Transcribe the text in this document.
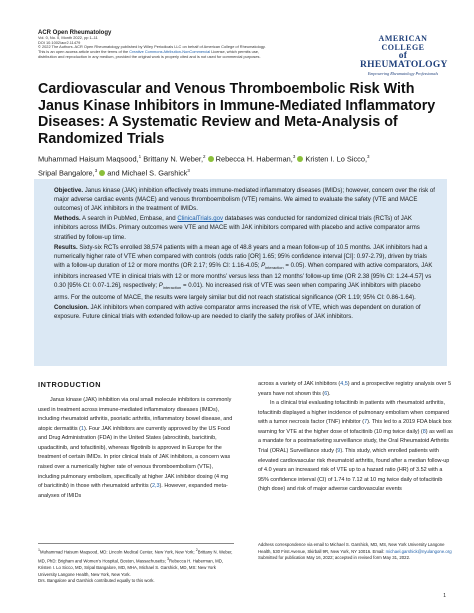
ACR Open Rheumatology
Vol. 0, No. 0, Month 2022, pp 1–11
DOI 10.1002/acr2.11479
© 2022 The Authors. ACR Open Rheumatology published by Wiley Periodicals LLC on behalf of American College of Rheumatology.
This is an open access article under the terms of the Creative Commons Attribution-NonCommercial License, which permits use,
distribution and reproduction in any medium, provided the original work is properly cited and is not used for commercial purposes.
AMERICAN COLLEGE
of RHEUMATOLOGY
Empowering Rheumatology Professionals
Cardiovascular and Venous Thromboembolic Risk With Janus Kinase Inhibitors in Immune-Mediated Inflammatory Diseases: A Systematic Review and Meta-Analysis of Randomized Trials
Muhammad Haisum Maqsood,$^1$ Brittany N. Weber,$^2$ Rebecca H. Haberman,$^3$ Kristen I. Lo Sicco,$^3$
Sripal Bangalore,$^3$ and Michael S. Garshick$^3$

Objective. Janus kinase (JAK) inhibition effectively treats immune-mediated inflammatory diseases (IMIDs); however, concern over the risk of major adverse cardiac events (MACE) and venous thromboembolism (VTE) remains. We aimed to evaluate the safety (VTE and MACE outcomes) of JAK inhibitors in the treatment of IMIDs.

Methods. A search in PubMed, Embase, and ClinicalTrials.gov databases was conducted for randomized clinical trials (RCTs) of JAK inhibitors across IMIDs. Primary outcomes were VTE and MACE with JAK inhibitors compared with placebo and active comparator arms stratified by follow-up time.

Results. Sixty-six RCTs enrolled 38,574 patients with a mean age of 48.8 years and a mean follow-up of 10.5 months. JAK inhibitors had a numerically higher rate of VTE when compared with controls (odds ratio [OR] 1.65; 95% confidence interval [CI]: 0.97-2.79), driven by trials with a follow-up duration of 12 or more months (OR 2.17; 95% CI: 1.16-4.05; $P_{interaction} = 0.05$). When compared with active comparators, JAK inhibitors increased VTE in clinical trials with 12 or more months’ versus less than 12 months’ follow-up time (OR 2.38 [95% CI: 1.24-4.57] vs 0.30 [95% CI: 0.07-1.26], respectively; $P_{interaction} = 0.01$). No increased risk of VTE was seen when comparing JAK inhibitors with placebo arms. For the outcome of MACE, the results were largely similar but did not reach statistical significance (OR 1.19; 95% CI: 0.86-1.64).

Conclusion. JAK inhibitors when compared with active comparator arms increased the risk of VTE, which was dependent on duration of exposure. Future clinical trials with extended follow-up are needed to clarify the safety profiles of JAK inhibitors.

INTRODUCTION

Janus kinase (JAK) inhibition via oral small molecule inhibitors is commonly used in treatment across immune-mediated inflammatory diseases (IMIDs), including rheumatoid arthritis, psoriatic arthritis, inflammatory bowel disease, and atopic dermatitis (1). Four JAK inhibitors are currently approved by the US Food and Drug Administration (FDA) in the United States (abrocitinib, baricitinib, upadacitinib, and tofacitinib), whereas filgotinib is approved in Europe for the treatment of certain IMIDs. In prior clinical trials of JAK inhibitors, a concern was raised over a numerically higher rate of venous thromboembolism (VTE), including pulmonary embolism, specifically at higher JAK inhibitor dosing (4 mg of baricitinib) in those with rheumatoid arthritis (2,3). However, expanded meta-analyses of IMIDs

across a variety of JAK inhibitors (4,5) and a prospective registry analysis over 5 years have not shown this (6).

In a clinical trial evaluating tofacitinib in patients with rheumatoid arthritis, tofacitinib displayed a higher incidence of pulmonary embolism when compared with a tumor necrosis factor (TNF) inhibitor (7). This led to a 2019 FDA black box warning for VTE at the higher dose of tofacitinib (10 mg twice daily) (8) as well as a mandate for a postmarketing surveillance study, the Oral Rheumatoid Arthritis Trial (ORAL) Surveillance study (9). This study, which enrolled patients with elevated cardiovascular risk rheumatoid arthritis, found after a median follow-up of 4.0 years an increased risk of VTE up to a hazard ratio (HR) of 3.52 with a 95% confidence interval (CI) of 1.74 to 7.12 at 10 mg twice daily of tofacitinib (high dose) and risk of major adverse cardiovascular events

$^1$Muhammad Haisum Maqsood, MD: Lincoln Medical Center, New York, New York; $^2$Brittany N. Weber, MD, PhD: Brigham and Women’s Hospital, Boston, Massachusetts; $^3$Rebecca H. Haberman, MD, Kristen I. Lo Sicco, MD, Sripal Bangalore, MD, MHA, Michael S. Garshick, MD, MS: New York University Langone Health, New York, New York.
Drs. Bangalore and Garshick contributed equally to this work.
Address correspondence via email to Michael S. Garshick, MD, MS, New York University Langone Health, 530 First Avenue, Skirball 9R, New York, NY 10016. Email: michael.garshick@nyulangone.org
Submitted for publication May 16, 2022; accepted in revised form May 31, 2022.
1
